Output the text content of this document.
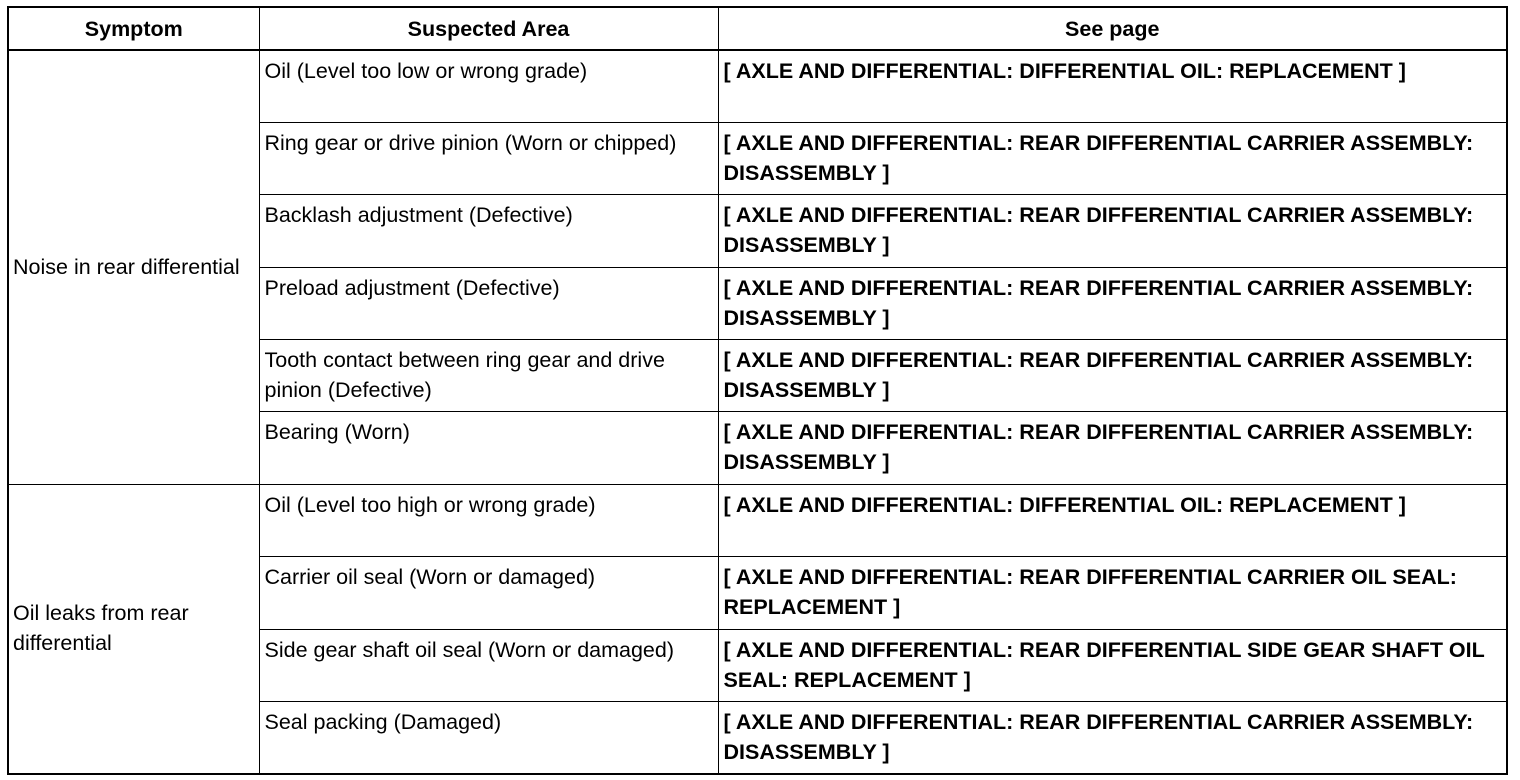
Symptom	Suspected Area	See page
Noise in rear differential	Oil (Level too low or wrong grade)	[ AXLE AND DIFFERENTIAL: DIFFERENTIAL OIL: REPLACEMENT ]
	Ring gear or drive pinion (Worn or chipped)	[ AXLE AND DIFFERENTIAL: REAR DIFFERENTIAL CARRIER ASSEMBLY: DISASSEMBLY ]
	Backlash adjustment (Defective)	[ AXLE AND DIFFERENTIAL: REAR DIFFERENTIAL CARRIER ASSEMBLY: DISASSEMBLY ]
	Preload adjustment (Defective)	[ AXLE AND DIFFERENTIAL: REAR DIFFERENTIAL CARRIER ASSEMBLY: DISASSEMBLY ]
	Tooth contact between ring gear and drive pinion (Defective)	[ AXLE AND DIFFERENTIAL: REAR DIFFERENTIAL CARRIER ASSEMBLY: DISASSEMBLY ]
	Bearing (Worn)	[ AXLE AND DIFFERENTIAL: REAR DIFFERENTIAL CARRIER ASSEMBLY: DISASSEMBLY ]
Oil leaks from rear differential	Oil (Level too high or wrong grade)	[ AXLE AND DIFFERENTIAL: DIFFERENTIAL OIL: REPLACEMENT ]
	Carrier oil seal (Worn or damaged)	[ AXLE AND DIFFERENTIAL: REAR DIFFERENTIAL CARRIER OIL SEAL: REPLACEMENT ]
	Side gear shaft oil seal (Worn or damaged)	[ AXLE AND DIFFERENTIAL: REAR DIFFERENTIAL SIDE GEAR SHAFT OIL SEAL: REPLACEMENT ]
	Seal packing (Damaged)	[ AXLE AND DIFFERENTIAL: REAR DIFFERENTIAL CARRIER ASSEMBLY: DISASSEMBLY ]
